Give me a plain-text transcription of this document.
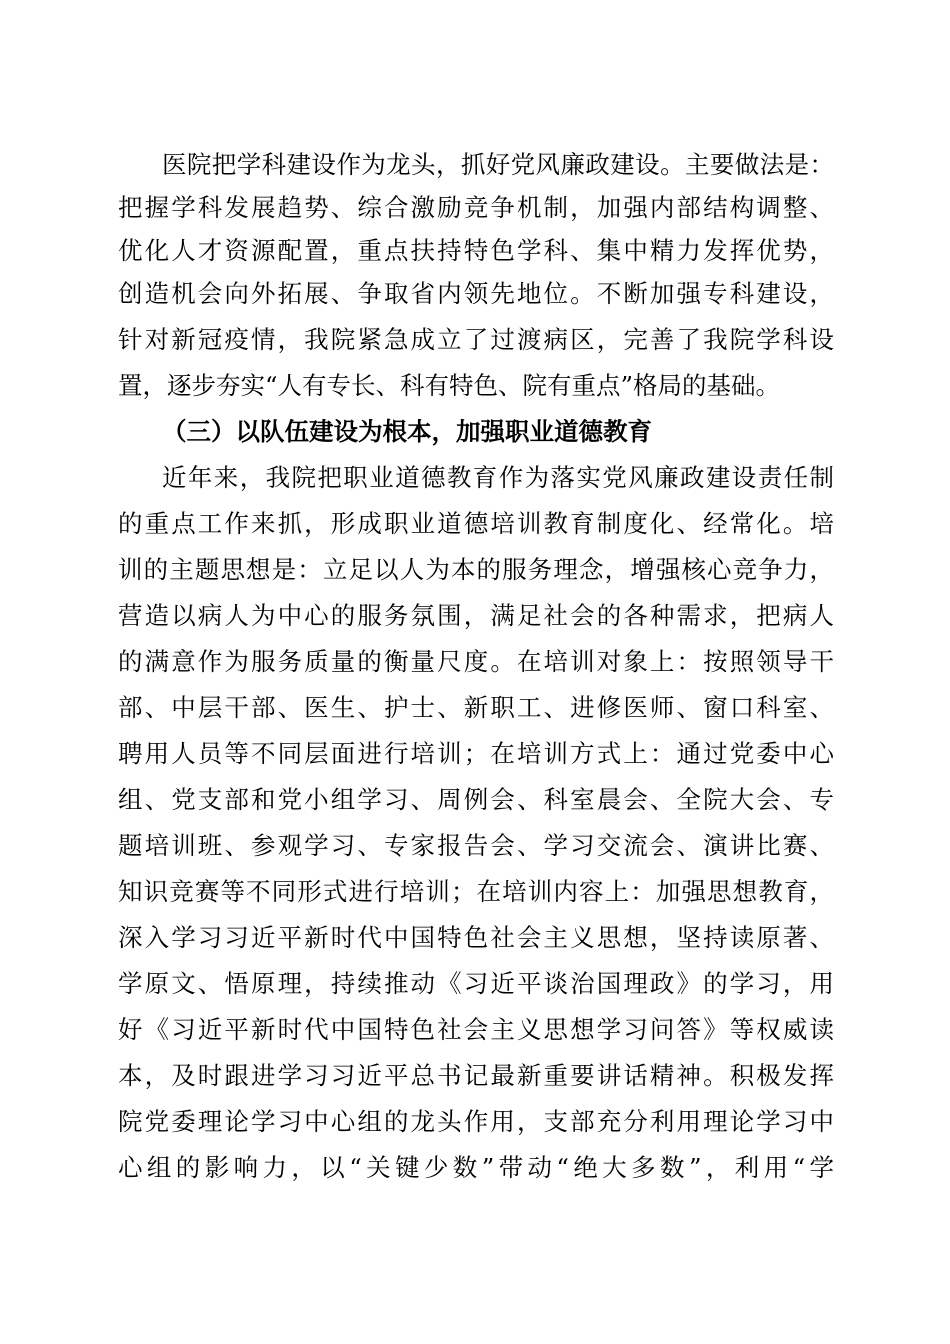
医院把学科建设作为龙头，抓好党风廉政建设。主要做法是：
把握学科发展趋势、综合激励竞争机制，加强内部结构调整、
优化人才资源配置，重点扶持特色学科、集中精力发挥优势，
创造机会向外拓展、争取省内领先地位。不断加强专科建设，
针对新冠疫情，我院紧急成立了过渡病区，完善了我院学科设
置，逐步夯实“人有专长、科有特色、院有重点”格局的基础。
（三）以队伍建设为根本，加强职业道德教育
近年来，我院把职业道德教育作为落实党风廉政建设责任制
的重点工作来抓，形成职业道德培训教育制度化、经常化。培
训的主题思想是：立足以人为本的服务理念，增强核心竞争力，
营造以病人为中心的服务氛围，满足社会的各种需求，把病人
的满意作为服务质量的衡量尺度。在培训对象上：按照领导干
部、中层干部、医生、护士、新职工、进修医师、窗口科室、
聘用人员等不同层面进行培训；在培训方式上：通过党委中心
组、党支部和党小组学习、周例会、科室晨会、全院大会、专
题培训班、参观学习、专家报告会、学习交流会、演讲比赛、
知识竞赛等不同形式进行培训；在培训内容上：加强思想教育，
深入学习习近平新时代中国特色社会主义思想，坚持读原著、
学原文、悟原理，持续推动《习近平谈治国理政》的学习，用
好《习近平新时代中国特色社会主义思想学习问答》等权威读
本，及时跟进学习习近平总书记最新重要讲话精神。积极发挥
院党委理论学习中心组的龙头作用，支部充分利用理论学习中
心组的影响力，以“关键少数”带动“绝大多数”，利用“学
